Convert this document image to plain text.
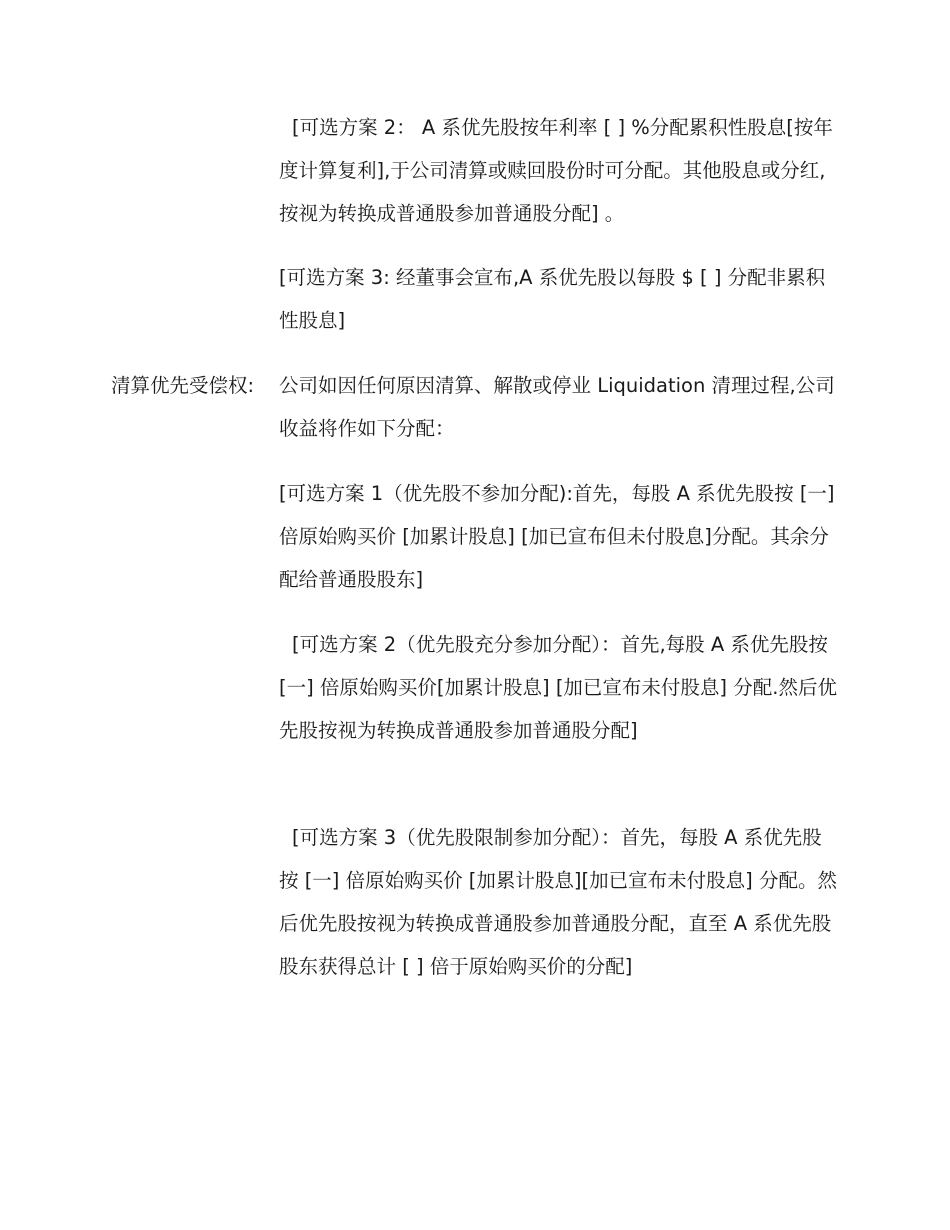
[可选方案 2： A 系优先股按年利率 [ ] %分配累积性股息[按年度计算复利],于公司清算或赎回股份时可分配。其他股息或分红,按视为转换成普通股参加普通股分配] 。

[可选方案 3: 经董事会宣布,A 系优先股以每股 $ [ ] 分配非累积性股息]

清算优先受偿权: 公司如因任何原因清算、解散或停业 Liquidation 清理过程,公司收益将作如下分配：

[可选方案 1（优先股不参加分配):首先，每股 A 系优先股按 [一] 倍原始购买价 [加累计股息] [加已宣布但未付股息]分配。其余分配给普通股股东]

[可选方案 2（优先股充分参加分配）：首先,每股 A 系优先股按[一] 倍原始购买价[加累计股息] [加已宣布未付股息] 分配.然后优先股按视为转换成普通股参加普通股分配]

[可选方案 3（优先股限制参加分配）：首先，每股 A 系优先股按 [一] 倍原始购买价 [加累计股息][加已宣布未付股息] 分配。然后优先股按视为转换成普通股参加普通股分配，直至 A 系优先股股东获得总计 [ ] 倍于原始购买价的分配]
